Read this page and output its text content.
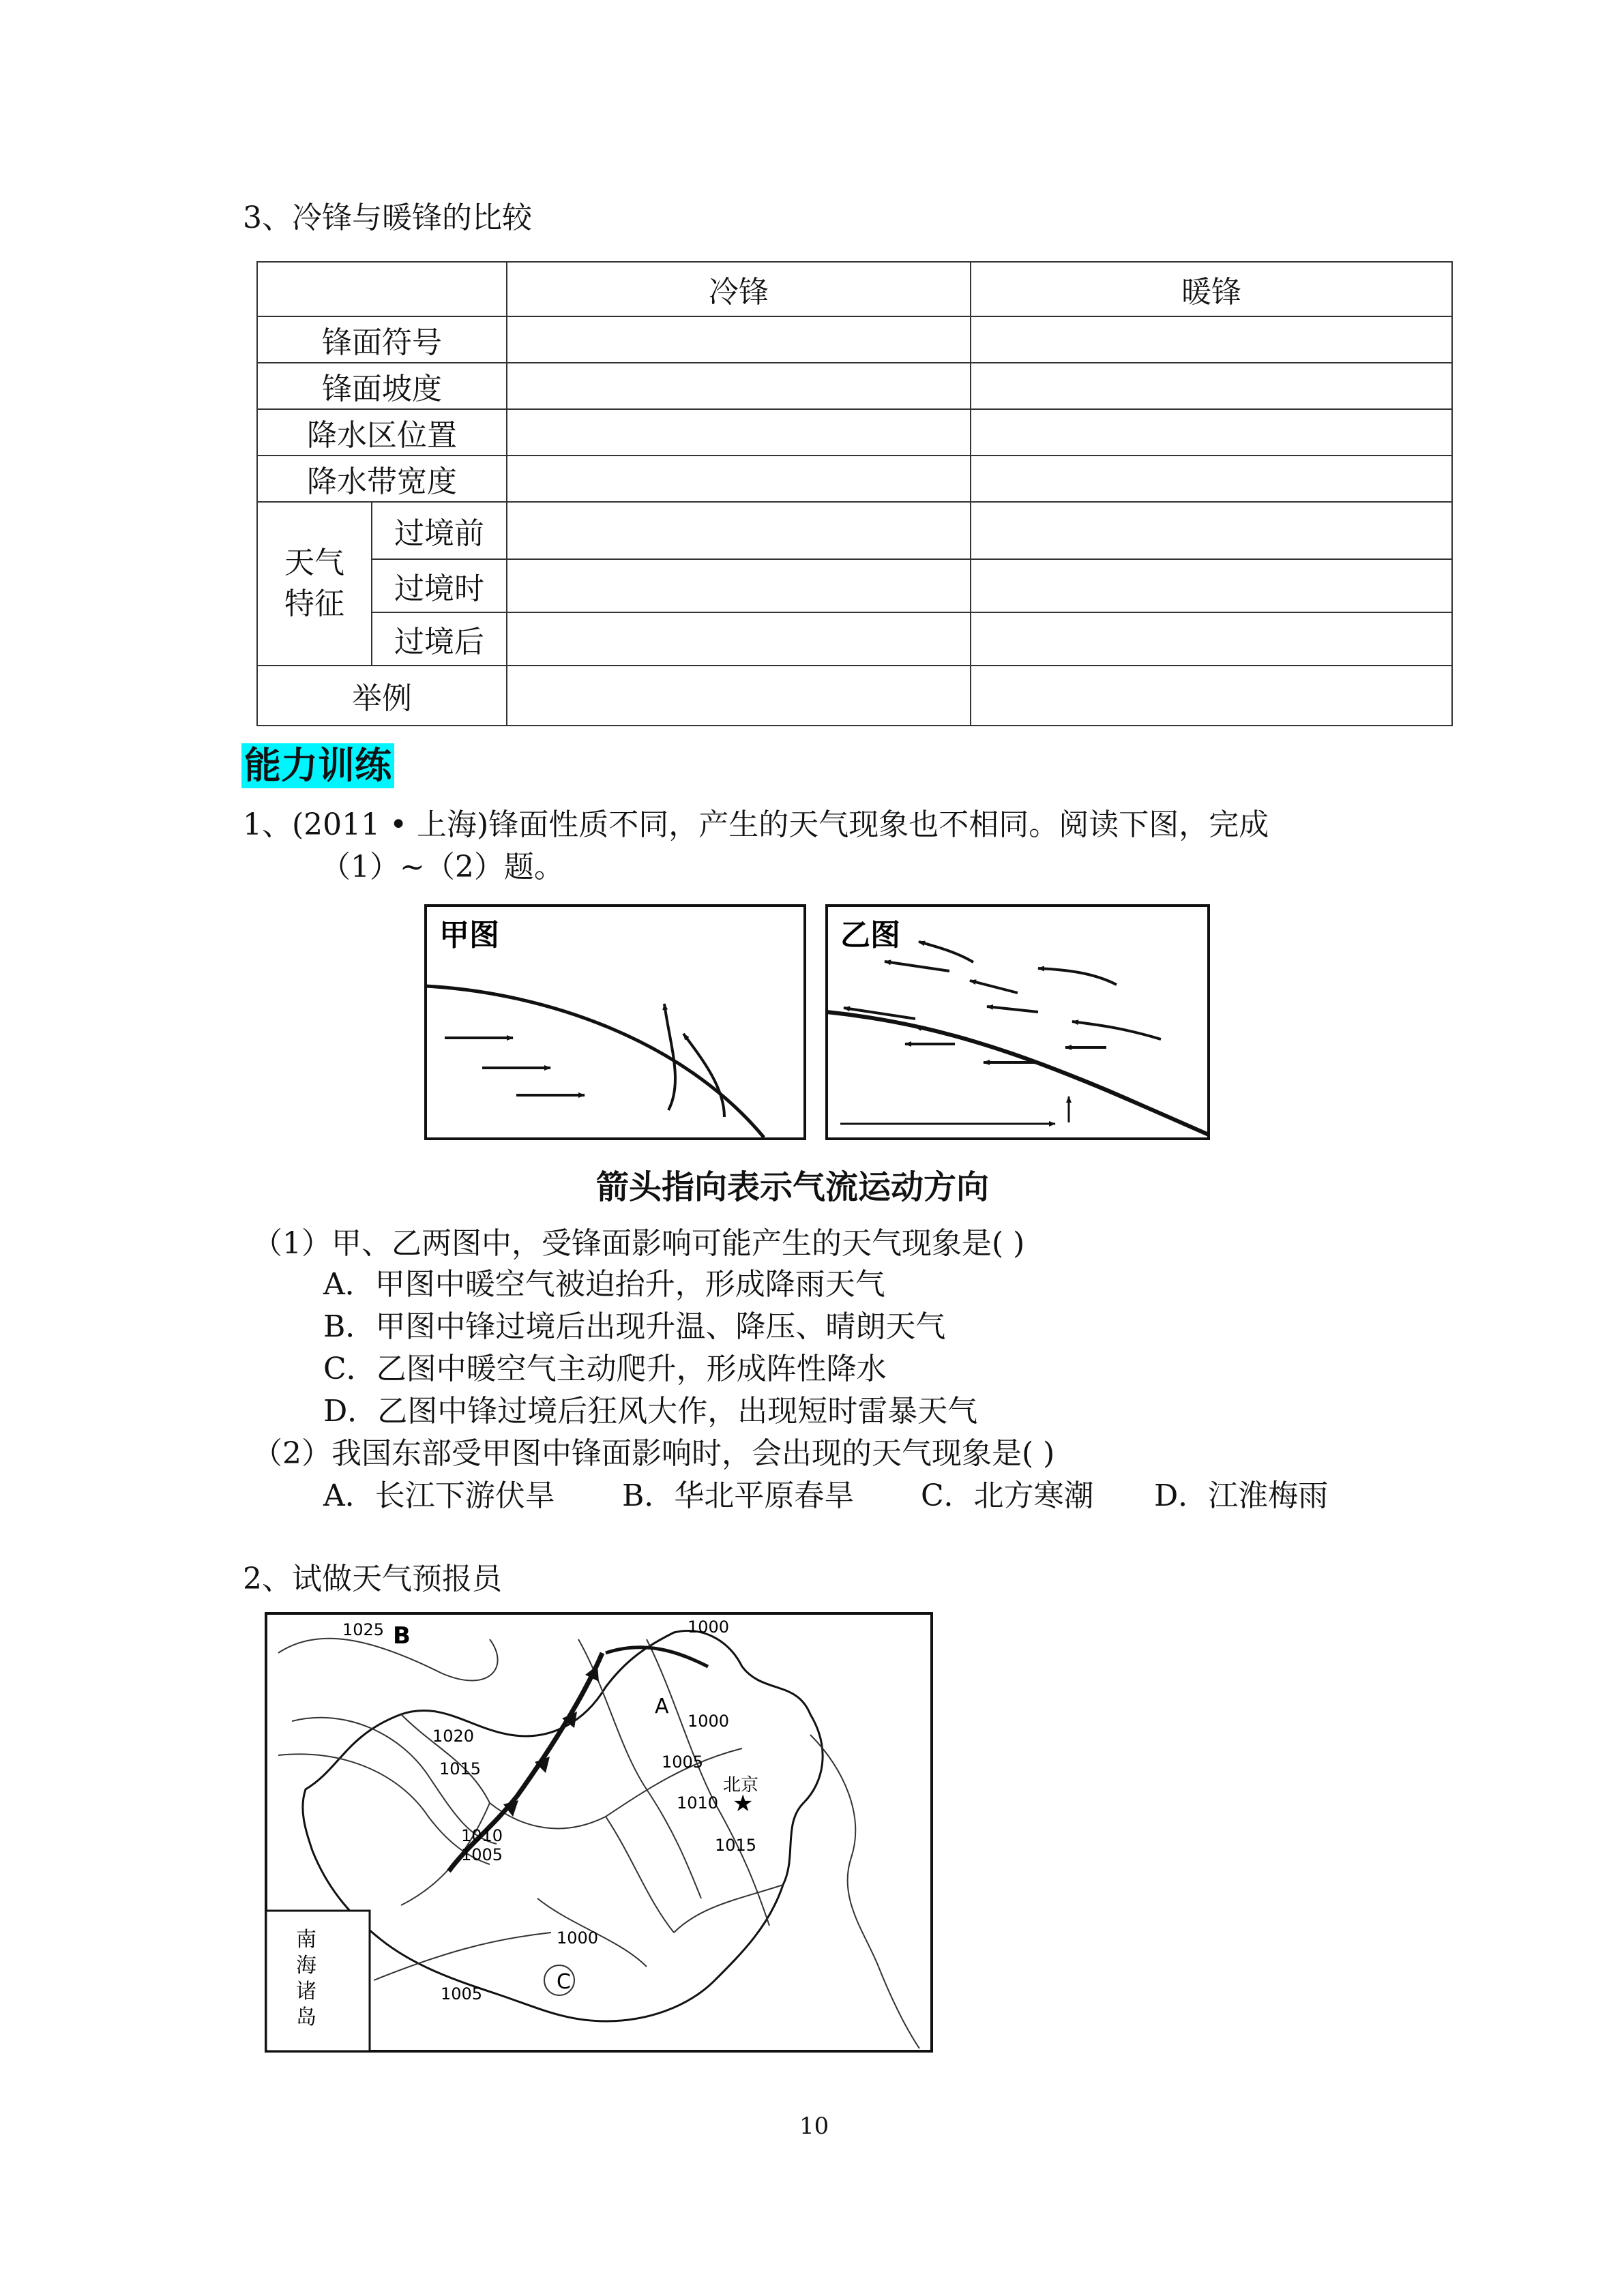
3、冷锋与暖锋的比较
		冷锋	暖锋
锋面符号			
锋面坡度			
降水区位置			
降水带宽度			
天气
特征	过境前		
	过境时		
	过境后		
举例			
能力训练
1、(2011 • 上海)锋面性质不同，产生的天气现象也不相同。阅读下图，完成
（1）~（2）题。
甲图	乙图
箭头指向表示气流运动方向
（1）甲、乙两图中，受锋面影响可能产生的天气现象是( )
A．甲图中暖空气被迫抬升，形成降雨天气
B．甲图中锋过境后出现升温、降压、晴朗天气
C．乙图中暖空气主动爬升，形成阵性降水
D．乙图中锋过境后狂风大作，出现短时雷暴天气
（2）我国东部受甲图中锋面影响时，会出现的天气现象是( )
A．长江下游伏旱 B．华北平原春旱 C．北方寒潮 D．江淮梅雨
2、试做天气预报员
B
A
C
北京
★
1025	1000
1000
1020
1015	1005
1010
1010
1005	1015
1000
1005
南
海
诸
岛
10
